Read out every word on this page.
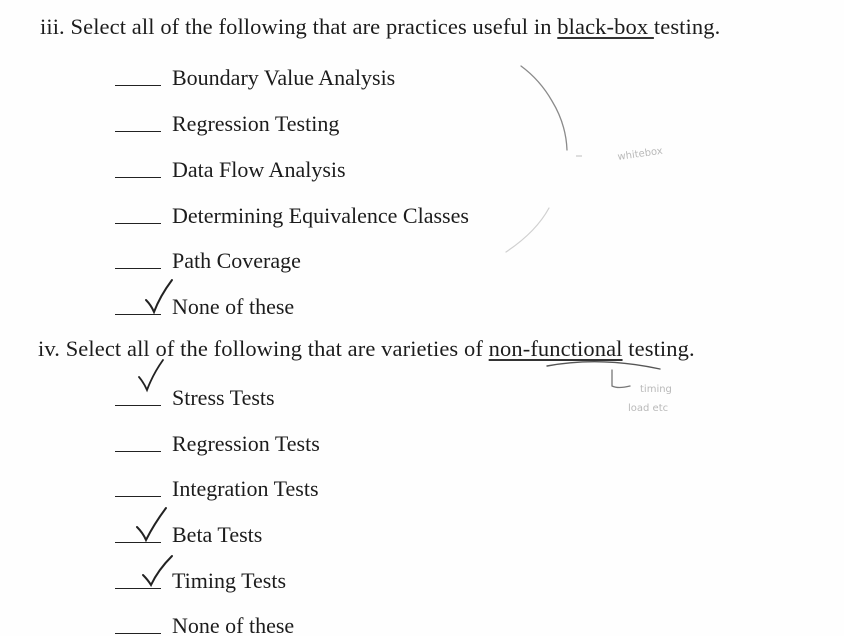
iii. Select all of the following that are practices useful in black-box testing.
Boundary Value Analysis
Regression Testing
Data Flow Analysis
Determining Equivalence Classes
Path Coverage
None of these
iv. Select all of the following that are varieties of non-functional testing.
Stress Tests
Regression Tests
Integration Tests
Beta Tests
Timing Tests
None of these
whitebox
timing
load etc
